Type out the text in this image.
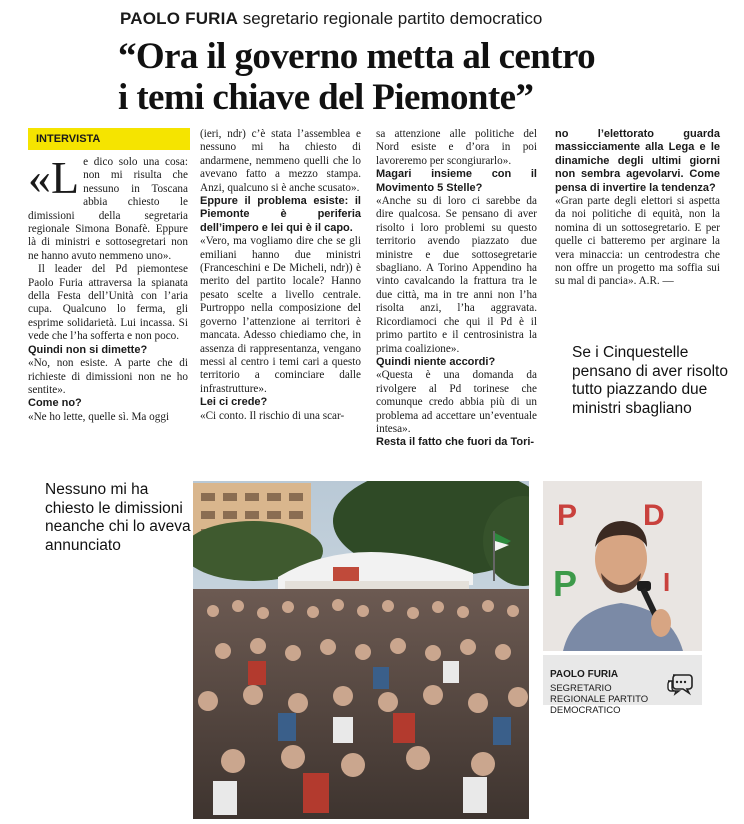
PAOLO FURIA segretario regionale partito democratico
“Ora il governo metta al centro
i temi chiave del Piemonte”
INTERVISTA

«Le dico solo una cosa: non mi risulta che nessuno in Toscana abbia chiesto le dimissioni della segretaria regionale Simona Bonafè. Eppure là di ministri e sottosegretari non ne hanno avuto nemmeno uno».

Il leader del Pd piemontese Paolo Furia attraversa la spianata della Festa dell’Unità con l’aria cupa. Qualcuno lo ferma, gli esprime solidarietà. Lui incassa. Si vede che l’ha sofferta e non poco.

Quindi non si dimette?

«No, non esiste. A parte che di richieste di dimissioni non ne ho sentite».

Come no?

«Ne ho lette, quelle sì. Ma oggi

(ieri, ndr) c’è stata l’assemblea e nessuno mi ha chiesto di andarmene, nemmeno quelli che lo avevano fatto a mezzo stampa. Anzi, qualcuno si è anche scusato».

Eppure il problema esiste: il Piemonte è periferia dell’impero e lei qui è il capo.

«Vero, ma vogliamo dire che se gli emiliani hanno due ministri (Franceschini e De Micheli, ndr)) è merito del partito locale? Hanno pesato scelte a livello centrale. Purtroppo nella composizione del governo l’attenzione ai territori è mancata. Adesso chiediamo che, in assenza di rappresentanza, vengano messi al centro i temi cari a questo territorio a cominciare dalle infrastrutture».

Lei ci crede?

«Ci conto. Il rischio di una scar-

sa attenzione alle politiche del Nord esiste e d’ora in poi lavoreremo per scongiurarlo».

Magari insieme con il Movimento 5 Stelle?

«Anche su di loro ci sarebbe da dire qualcosa. Se pensano di aver risolto i loro problemi su questo territorio avendo piazzato due ministre e due sottosegretarie sbagliano. A Torino Appendino ha vinto cavalcando la frattura tra le due città, ma in tre anni non l’ha risolta anzi, l’ha aggravata. Ricordiamoci che qui il Pd è il primo partito e il centrosinistra la prima coalizione».

Quindi niente accordi?

«Questa è una domanda da rivolgere al Pd torinese che comunque credo abbia più di un problema ad accettare un’eventuale intesa».

Resta il fatto che fuori da Tori-

no l’elettorato guarda massicciamente alla Lega e le dinamiche degli ultimi giorni non sembra agevolarvi. Come pensa di invertire la tendenza?

«Gran parte degli elettori si aspetta da noi politiche di equità, non la nomina di un sottosegretario. E per quelle ci batteremo per arginare la vera minaccia: un centrodestra che non offre un progetto ma soffia sui su mal di pancia». A.R. —

Se i Cinquestelle pensano di aver risolto tutto piazzando due ministri sbagliano
Nessuno mi ha chiesto le dimissioni neanche chi lo aveva annunciato
P D
P	I
PAOLO FURIA
SEGRETARIO REGIONALE PARTITO DEMOCRATICO
